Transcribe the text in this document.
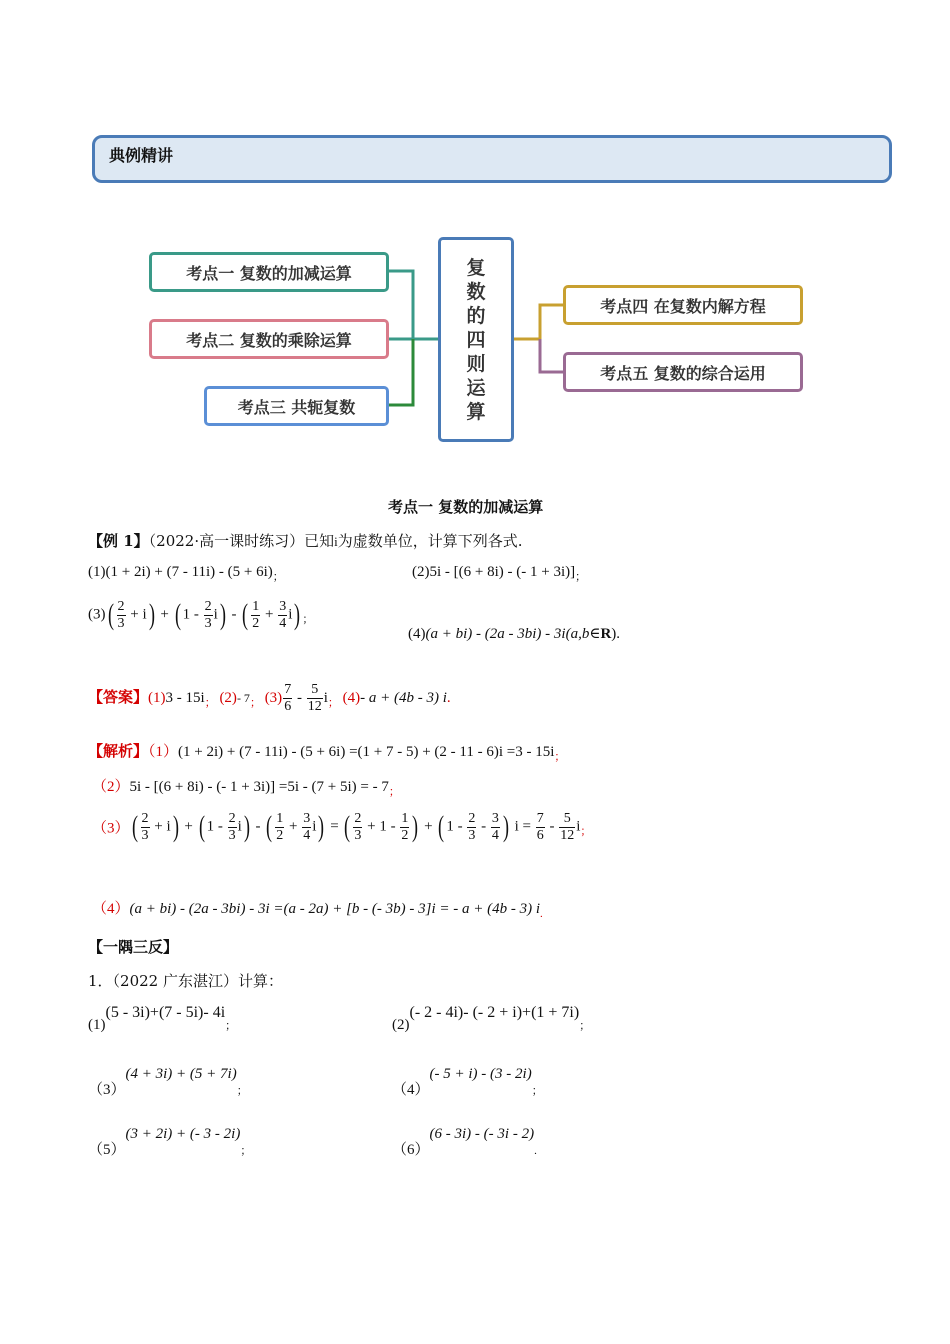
典例精讲
考点一 复数的加减运算
考点二 复数的乘除运算
考点三 共轭复数
复
数
的
四
则
运
算
考点四 在复数内解方程
考点五 复数的综合运用
考点一 复数的加减运算
【例 1】（2022·高一课时练习）已知i为虚数单位，计算下列各式.
$(1)(1 + 2i) + (7 - 11i) - (5 + 6i)_;$	(2)5i - [(6 + 8i) - (- $1 + 3i)]_;$
$(3)( \frac{2}{3} + i)$ + ( $1 - \frac{2}{3} i$) - ( $\frac{1}{2} + \frac{3}{4} i$) $_;$
(4)(a + bi) - (2a - 3bi) - 3i(a,b∈R).
【答案】$(1)3 - 15i_;$ (2)- $7_;$ $(3) \frac{7}{6} - \frac{5}{12} i_;$ (4)- a + (4b - 3) i.
【解析】$(1)(1 + 2i) + (7 - 11i) - (5 + 6i) =(1 + 7 - 5) + (2 - 11 - 6)i =3 - 15i_;$
（2）5i - [(6 + 8i) - (- 1 + 3i)] =5i - (7 + 5i) = - $7_;$
$(3)( \frac{2}{3} + i)$ + ( $1 - \frac{2}{3} i$) - ( $\frac{1}{2} + \frac{3}{4} i$) = ( $\frac{2}{3} + 1 - \frac{1}{2}$ ) + ( $1 - \frac{2}{3} - \frac{3}{4}$ ) $i = \frac{7}{6} - \frac{5}{12} i_;$
（4）(a + bi) - (2a - 3bi) - 3i =(a - 2a) + [b - (- 3b) - 3]i = - a + (4b - 3) $i_.$
【一隅三反】
1．（2022 广东湛江）计算：
(1)(5 - 3i)+(7 - 5i)- $4i_;$	(2)(- 2 - 4i)- (- $2 + i)+(1 + 7i)_;$
$(3)(4 + 3i) + (5 + 7i)_;$	（4）(- $5 + i) - (3 - 2i)_;$
（5）(3 + 2i) + (- $3 - 2i)_;$	（6）(6 - 3i) - (- $3i - 2)_.$
